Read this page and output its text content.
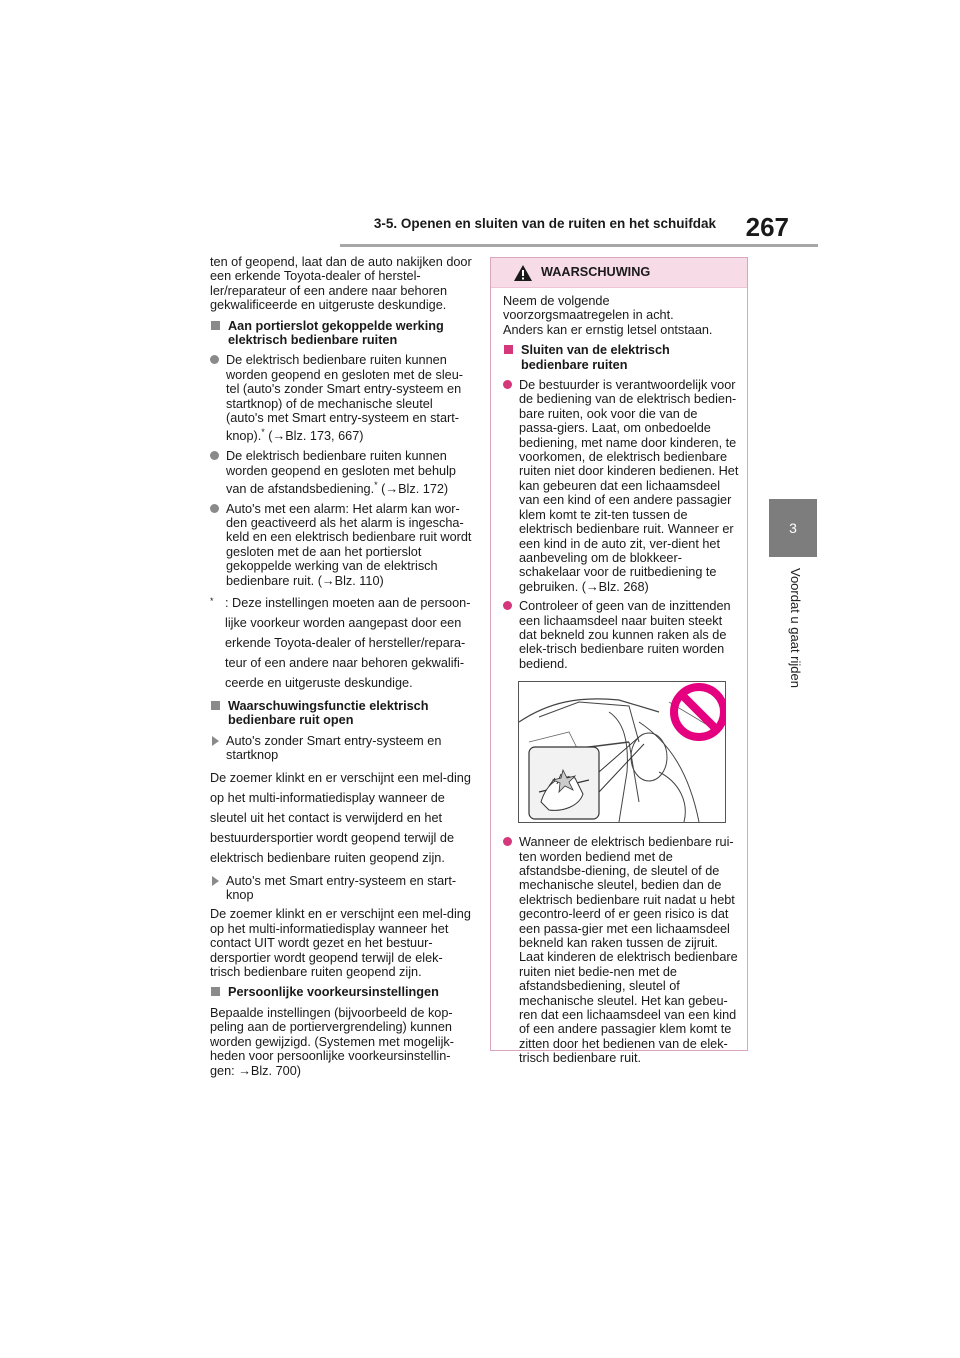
3-5. Openen en sluiten van de ruiten en het schuifdak	267
3
Voordat u gaat rijden

ten of geopend, laat dan de auto nakijken door een erkende Toyota-dealer of herstel-ler/reparateur of een andere naar behoren gekwalificeerde en uitgeruste deskundige.

Aan portierslot gekoppelde werking elektrisch bedienbare ruiten
De elektrisch bedienbare ruiten kunnen worden geopend en gesloten met de sleu-tel (auto's zonder Smart entry-systeem en startknop) of de mechanische sleutel (auto's met Smart entry-systeem en start-knop).* (→Blz. 173, 667)
De elektrisch bedienbare ruiten kunnen worden geopend en gesloten met behulp van de afstandsbediening.* (→Blz. 172)
Auto's met een alarm: Het alarm kan wor-den geactiveerd als het alarm is ingescha-keld en een elektrisch bedienbare ruit wordt gesloten met de aan het portierslot gekoppelde werking van de elektrisch bedienbare ruit. (→Blz. 110)
* : Deze instellingen moeten aan de persoon-lijke voorkeur worden aangepast door een erkende Toyota-dealer of hersteller/repara-teur of een andere naar behoren gekwalifi-ceerde en uitgeruste deskundige.
Waarschuwingsfunctie elektrisch bedienbare ruit open
Auto's zonder Smart entry-systeem en startknop

De zoemer klinkt en er verschijnt een mel-ding op het multi-informatiedisplay wanneer de sleutel uit het contact is verwijderd en het bestuurdersportier wordt geopend terwijl de elektrisch bedienbare ruiten geopend zijn.

Auto's met Smart entry-systeem en start-knop

De zoemer klinkt en er verschijnt een mel-ding op het multi-informatiedisplay wanneer het contact UIT wordt gezet en het bestuur-dersportier wordt geopend terwijl de elek-trisch bedienbare ruiten geopend zijn.

Persoonlijke voorkeursinstellingen

Bepaalde instellingen (bijvoorbeeld de kop-peling aan de portiervergrendeling) kunnen worden gewijzigd. (Systemen met mogelijk-heden voor persoonlijke voorkeursinstellin-gen: →Blz. 700)

WAARSCHUWING

Neem de volgende voorzorgsmaatregelen in acht.

Anders kan er ernstig letsel ontstaan.

Sluiten van de elektrisch bedienbare ruiten
De bestuurder is verantwoordelijk voor de bediening van de elektrisch bedien-bare ruiten, ook voor die van de passa-giers. Laat, om onbedoelde bediening, met name door kinderen, te voorkomen, de elektrisch bedienbare ruiten niet door kinderen bedienen. Het kan gebeuren dat een lichaamsdeel van een kind of een andere passagier klem komt te zit-ten tussen de elektrisch bedienbare ruit. Wanneer er een kind in de auto zit, ver-dient het aanbeveling om de blokkeer-schakelaar voor de ruitbediening te gebruiken. (→Blz. 268)
Controleer of geen van de inzittenden een lichaamsdeel naar buiten steekt dat bekneld zou kunnen raken als de elek-trisch bedienbare ruiten worden bediend.
Wanneer de elektrisch bedienbare rui-ten worden bediend met de afstandsbe-diening, de sleutel of de mechanische sleutel, bedien dan de elektrisch bedienbare ruit nadat u hebt gecontro-leerd of er geen risico is dat een passa-gier met een lichaamsdeel bekneld kan raken tussen de zijruit. Laat kinderen de elektrisch bedienbare ruiten niet bedie-nen met de afstandsbediening, sleutel of mechanische sleutel. Het kan gebeu-ren dat een lichaamsdeel van een kind of een andere passagier klem komt te zitten door het bedienen van de elek-trisch bedienbare ruit.
